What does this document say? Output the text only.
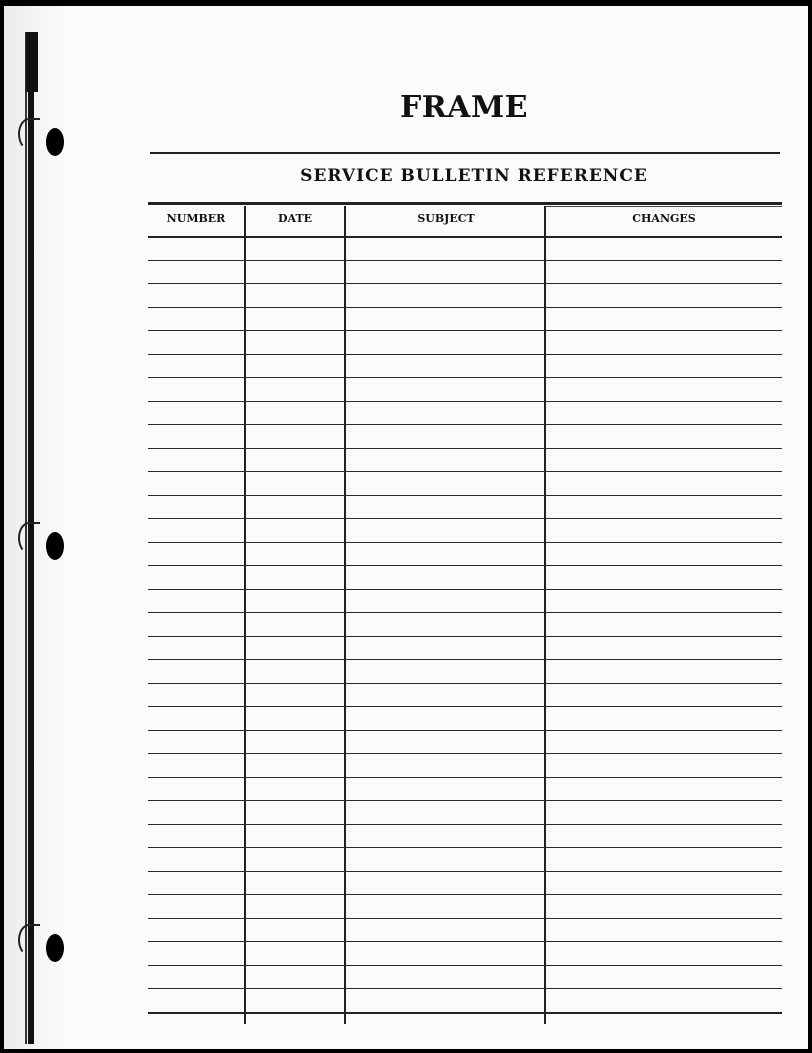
FRAME
SERVICE BULLETIN REFERENCE
NUMBER	DATE	SUBJECT	CHANGES
